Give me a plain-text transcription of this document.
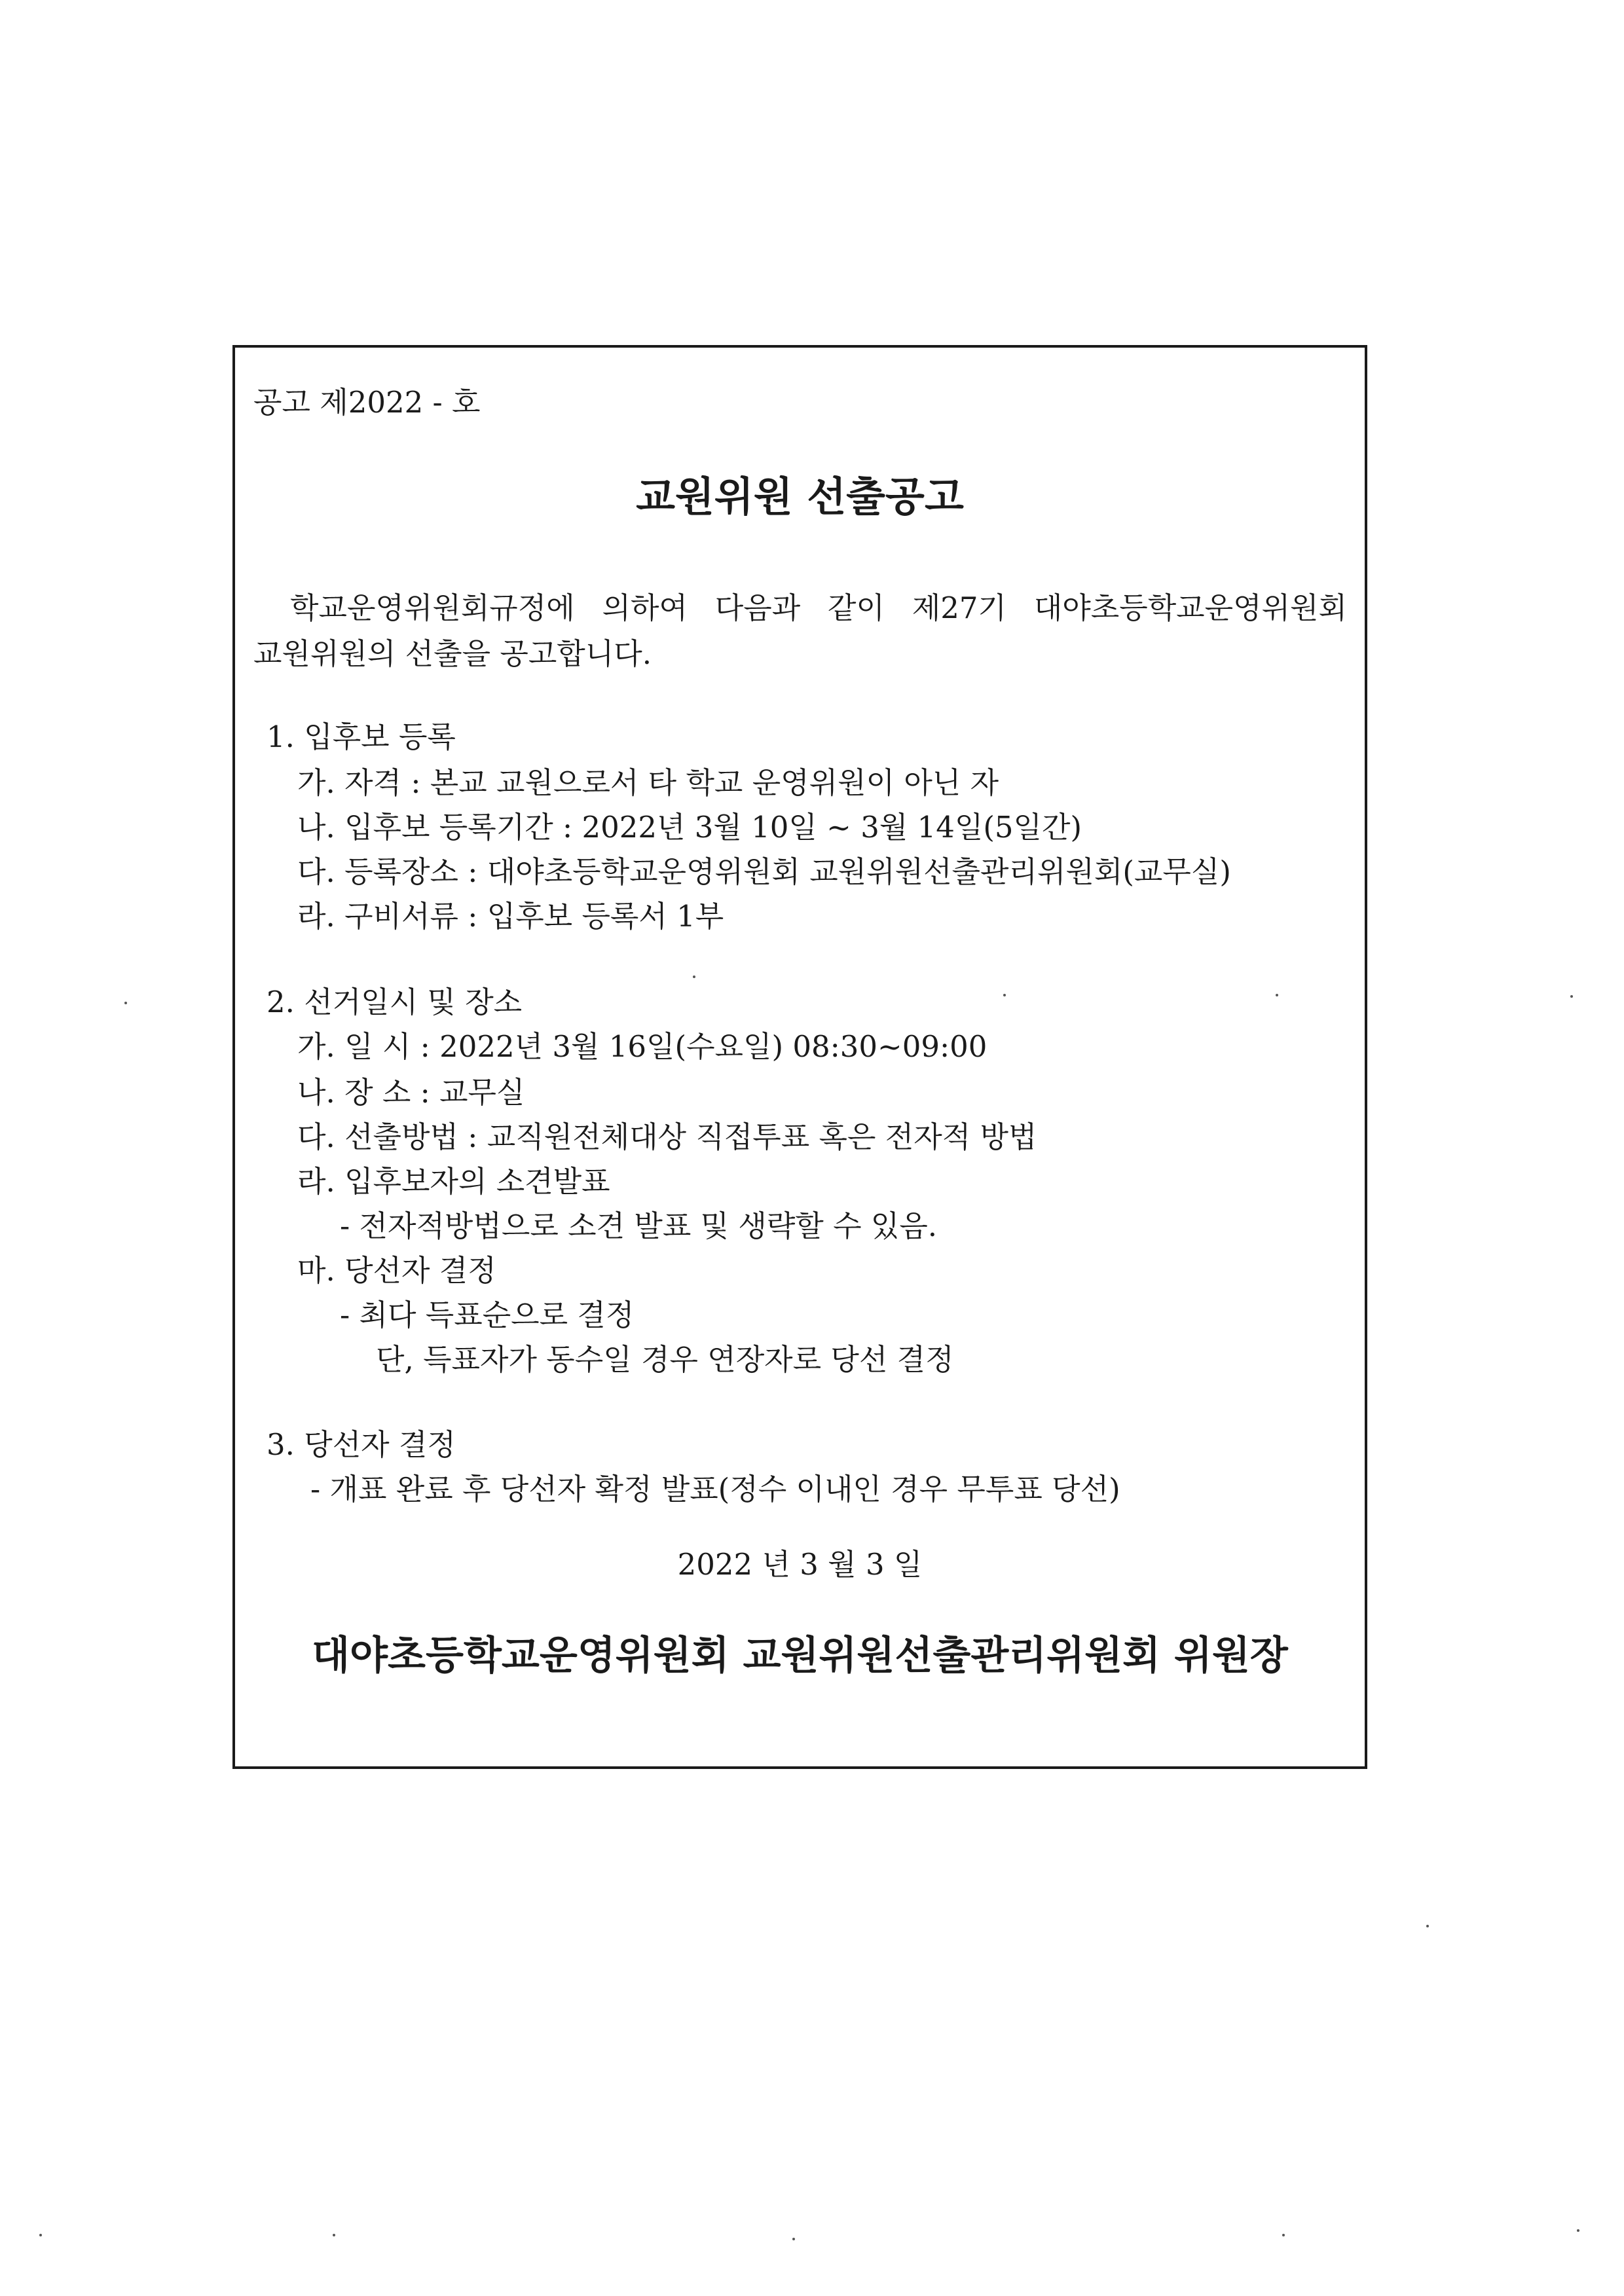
공고 제2022 - 호
교원위원 선출공고
학교운영위원회규정에 의하여 다음과 같이 제27기 대야초등학교운영위원회
교원위원의 선출을 공고합니다.
1. 입후보 등록
가. 자격 : 본교 교원으로서 타 학교 운영위원이 아닌 자
나. 입후보 등록기간 : 2022년 3월 10일 ~ 3월 14일(5일간)
다. 등록장소 : 대야초등학교운영위원회 교원위원선출관리위원회(교무실)
라. 구비서류 : 입후보 등록서 1부
2. 선거일시 및 장소
가. 일 시 : 2022년 3월 16일(수요일) 08:30~09:00
나. 장 소 : 교무실
다. 선출방법 : 교직원전체대상 직접투표 혹은 전자적 방법
라. 입후보자의 소견발표
- 전자적방법으로 소견 발표 및 생략할 수 있음.
마. 당선자 결정
- 최다 득표순으로 결정
단, 득표자가 동수일 경우 연장자로 당선 결정
3. 당선자 결정
- 개표 완료 후 당선자 확정 발표(정수 이내인 경우 무투표 당선)
2022 년 3 월 3 일
대야초등학교운영위원회 교원위원선출관리위원회 위원장
